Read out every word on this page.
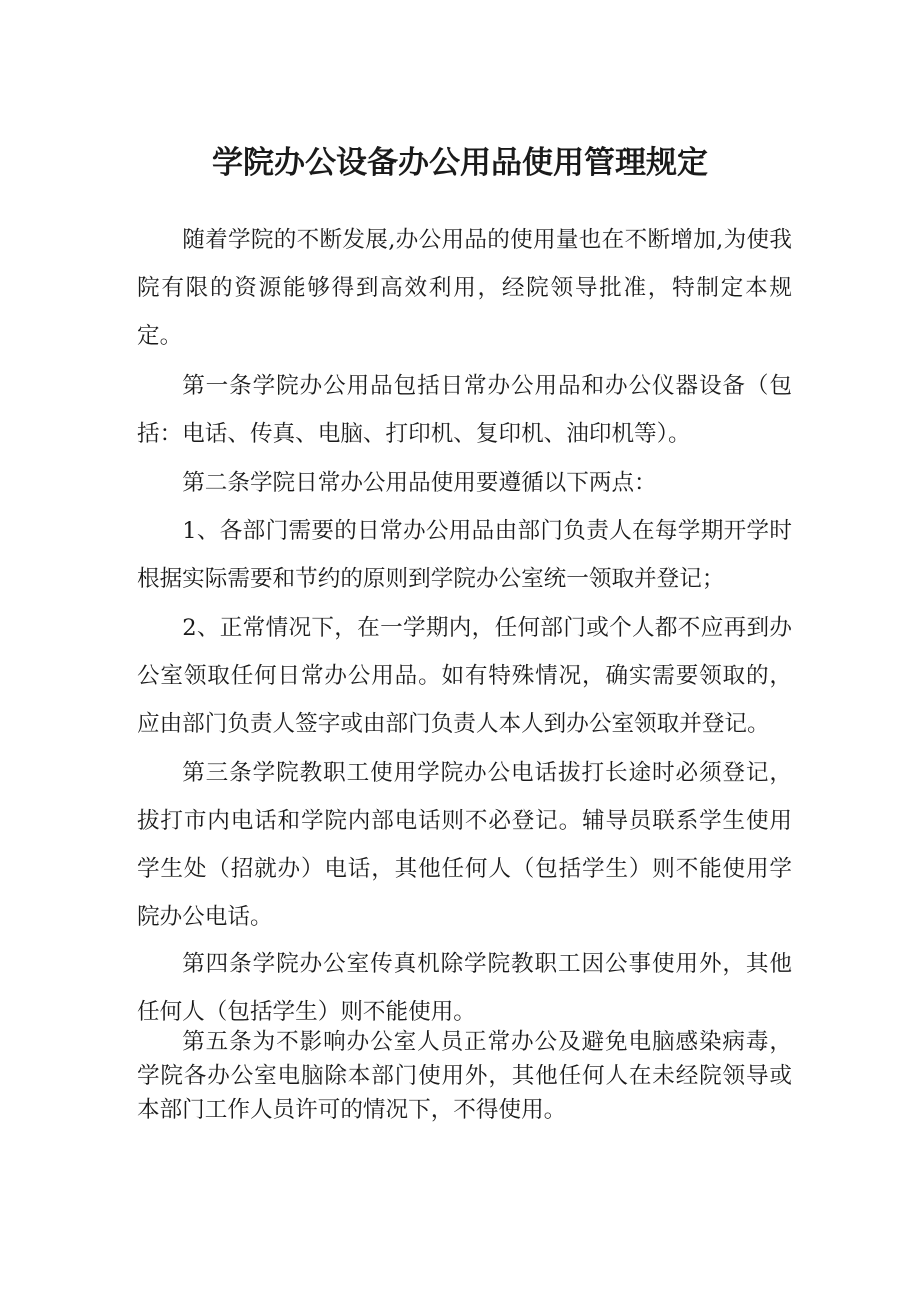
学院办公设备办公用品使用管理规定

随着学院的不断发展,办公用品的使用量也在不断增加,为使我院有限的资源能够得到高效利用，经院领导批准，特制定本规定。

第一条学院办公用品包括日常办公用品和办公仪器设备（包括：电话、传真、电脑、打印机、复印机、油印机等）。

第二条学院日常办公用品使用要遵循以下两点：

1、各部门需要的日常办公用品由部门负责人在每学期开学时根据实际需要和节约的原则到学院办公室统一领取并登记；

2、正常情况下，在一学期内，任何部门或个人都不应再到办公室领取任何日常办公用品。如有特殊情况，确实需要领取的，应由部门负责人签字或由部门负责人本人到办公室领取并登记。

第三条学院教职工使用学院办公电话拔打长途时必须登记，拔打市内电话和学院内部电话则不必登记。辅导员联系学生使用学生处（招就办）电话，其他任何人（包括学生）则不能使用学院办公电话。

第四条学院办公室传真机除学院教职工因公事使用外，其他任何人（包括学生）则不能使用。

第五条为不影响办公室人员正常办公及避免电脑感染病毒，学院各办公室电脑除本部门使用外，其他任何人在未经院领导或本部门工作人员许可的情况下，不得使用。
